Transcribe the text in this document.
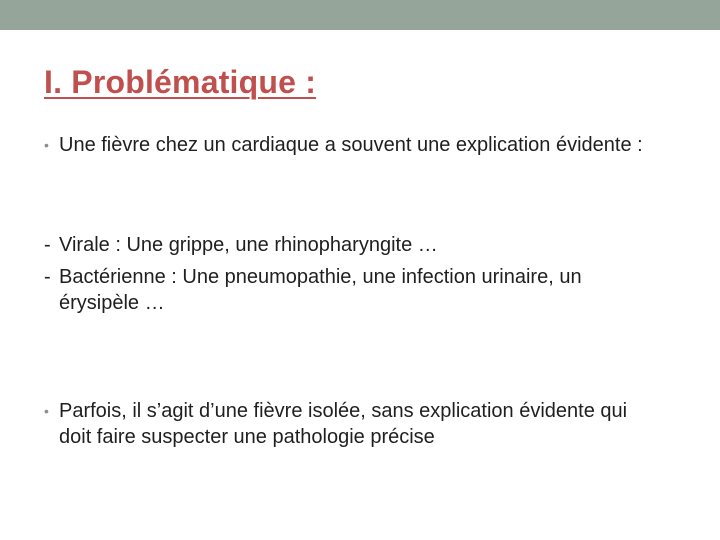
I. Problématique :
• Une fièvre chez un cardiaque a souvent une explication évidente :
- Virale : Une grippe, une rhinopharyngite …
- Bactérienne : Une pneumopathie, une infection urinaire, un érysipèle …
• Parfois, il s’agit d’une fièvre isolée, sans explication évidente qui doit faire suspecter une pathologie précise
